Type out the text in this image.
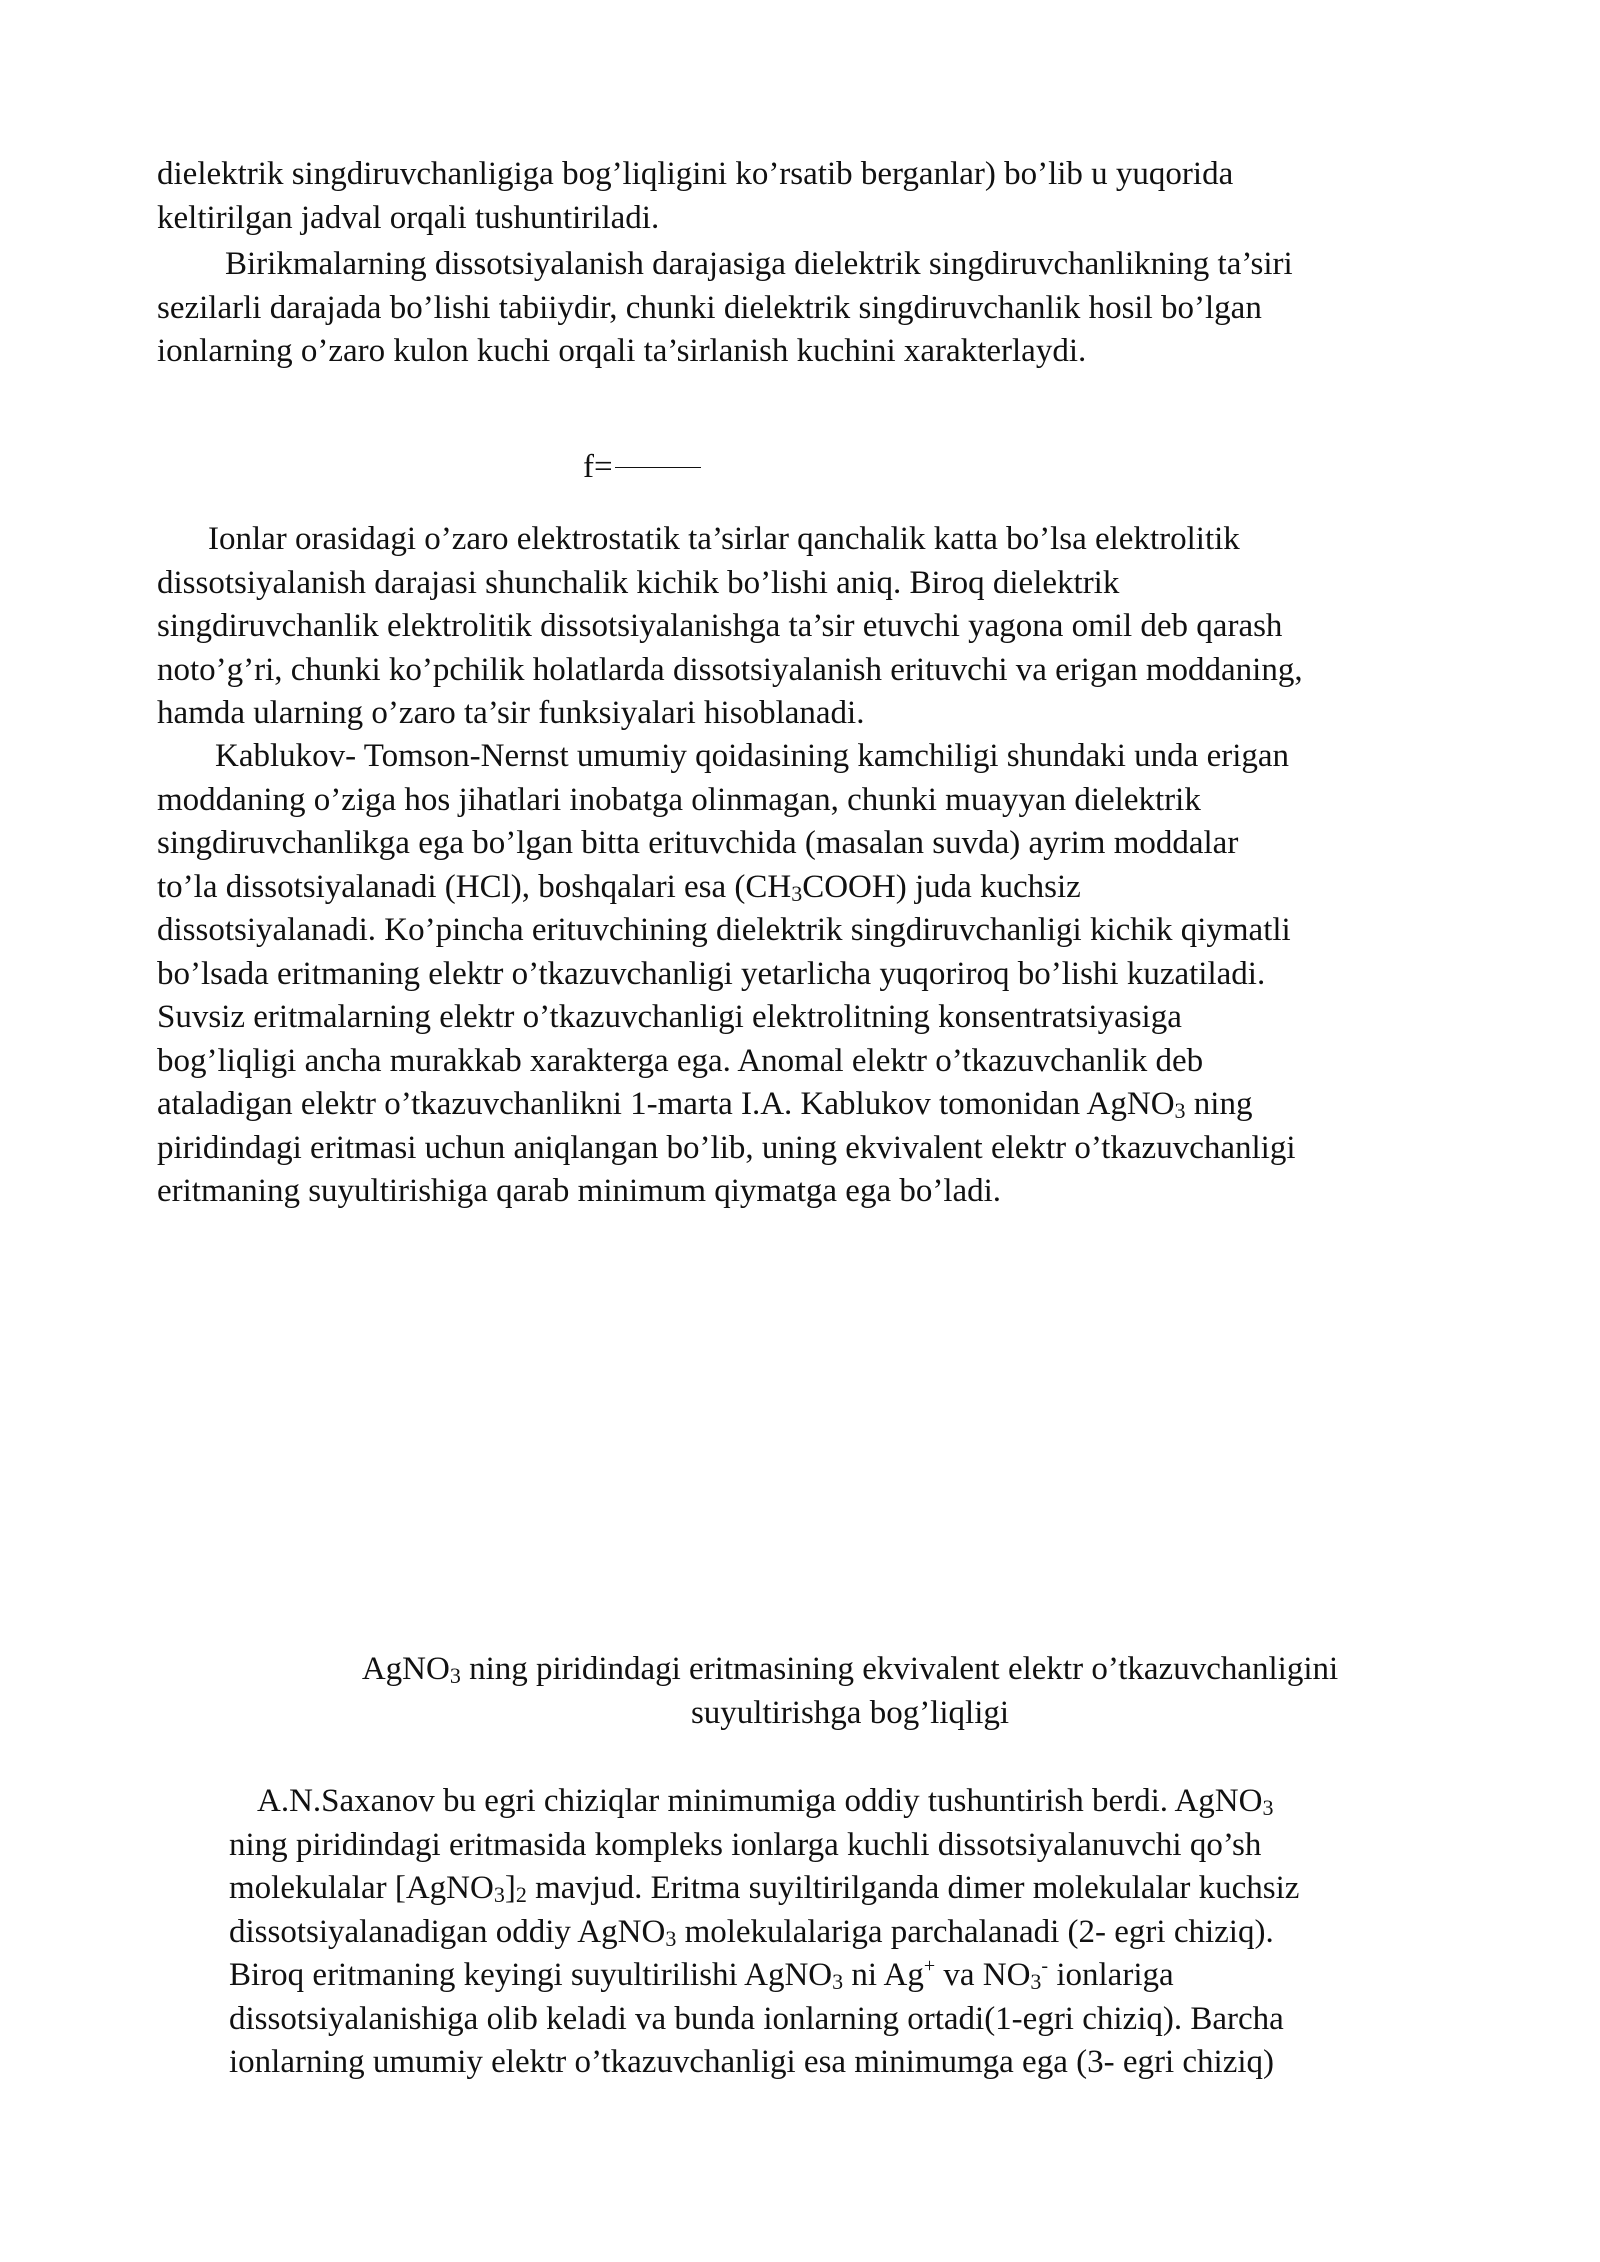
dielektrik singdiruvchanligiga bog’liqligini ko’rsatib berganlar) bo’lib u yuqorida
keltirilgan jadval orqali tushuntiriladi.
Birikmalarning dissotsiyalanish darajasiga dielektrik singdiruvchanlikning ta’siri
sezilarli darajada bo’lishi tabiiydir, chunki dielektrik singdiruvchanlik hosil bo’lgan
ionlarning o’zaro kulon kuchi orqali ta’sirlanish kuchini xarakterlaydi.
f=
Ionlar orasidagi o’zaro elektrostatik ta’sirlar qanchalik katta bo’lsa elektrolitik
dissotsiyalanish darajasi shunchalik kichik bo’lishi aniq. Biroq dielektrik
singdiruvchanlik elektrolitik dissotsiyalanishga ta’sir etuvchi yagona omil deb qarash
noto’g’ri, chunki ko’pchilik holatlarda dissotsiyalanish erituvchi va erigan moddaning,
hamda ularning o’zaro ta’sir funksiyalari hisoblanadi.
Kablukov- Tomson-Nernst umumiy qoidasining kamchiligi shundaki unda erigan
moddaning o’ziga hos jihatlari inobatga olinmagan, chunki muayyan dielektrik
singdiruvchanlikga ega bo’lgan bitta erituvchida (masalan suvda) ayrim moddalar
to’la dissotsiyalanadi (HCl), boshqalari esa $(CH_3COOH)$ juda kuchsiz
dissotsiyalanadi. Ko’pincha erituvchining dielektrik singdiruvchanligi kichik qiymatli
bo’lsada eritmaning elektr o’tkazuvchanligi yetarlicha yuqoriroq bo’lishi kuzatiladi.
Suvsiz eritmalarning elektr o’tkazuvchanligi elektrolitning konsentratsiyasiga
bog’liqligi ancha murakkab xarakterga ega. Anomal elektr o’tkazuvchanlik deb
ataladigan elektr o’tkazuvchanlikni 1-marta I.A. Kablukov tomonidan AgNO$_3$ ning
piridindagi eritmasi uchun aniqlangan bo’lib, uning ekvivalent elektr o’tkazuvchanligi
eritmaning suyultirishiga qarab minimum qiymatga ega bo’ladi.
AgNO$_3$ ning piridindagi eritmasining ekvivalent elektr o’tkazuvchanligini
suyultirishga bog’liqligi
A.N.Saxanov bu egri chiziqlar minimumiga oddiy tushuntirish berdi. AgNO$_3$
ning piridindagi eritmasida kompleks ionlarga kuchli dissotsiyalanuvchi qo’sh
molekulalar $[AgNO_3]_2$ mavjud. Eritma suyiltirilganda dimer molekulalar kuchsiz
dissotsiyalanadigan oddiy AgNO$_3$ molekulalariga parchalanadi (2- egri chiziq).
Biroq eritmaning keyingi suyultirilishi AgNO$_3$ ni Ag+ va $NO_3^-$ ionlariga
dissotsiyalanishiga olib keladi va bunda ionlarning ortadi(1-egri chiziq). Barcha
ionlarning umumiy elektr o’tkazuvchanligi esa minimumga ega (3- egri chiziq)
